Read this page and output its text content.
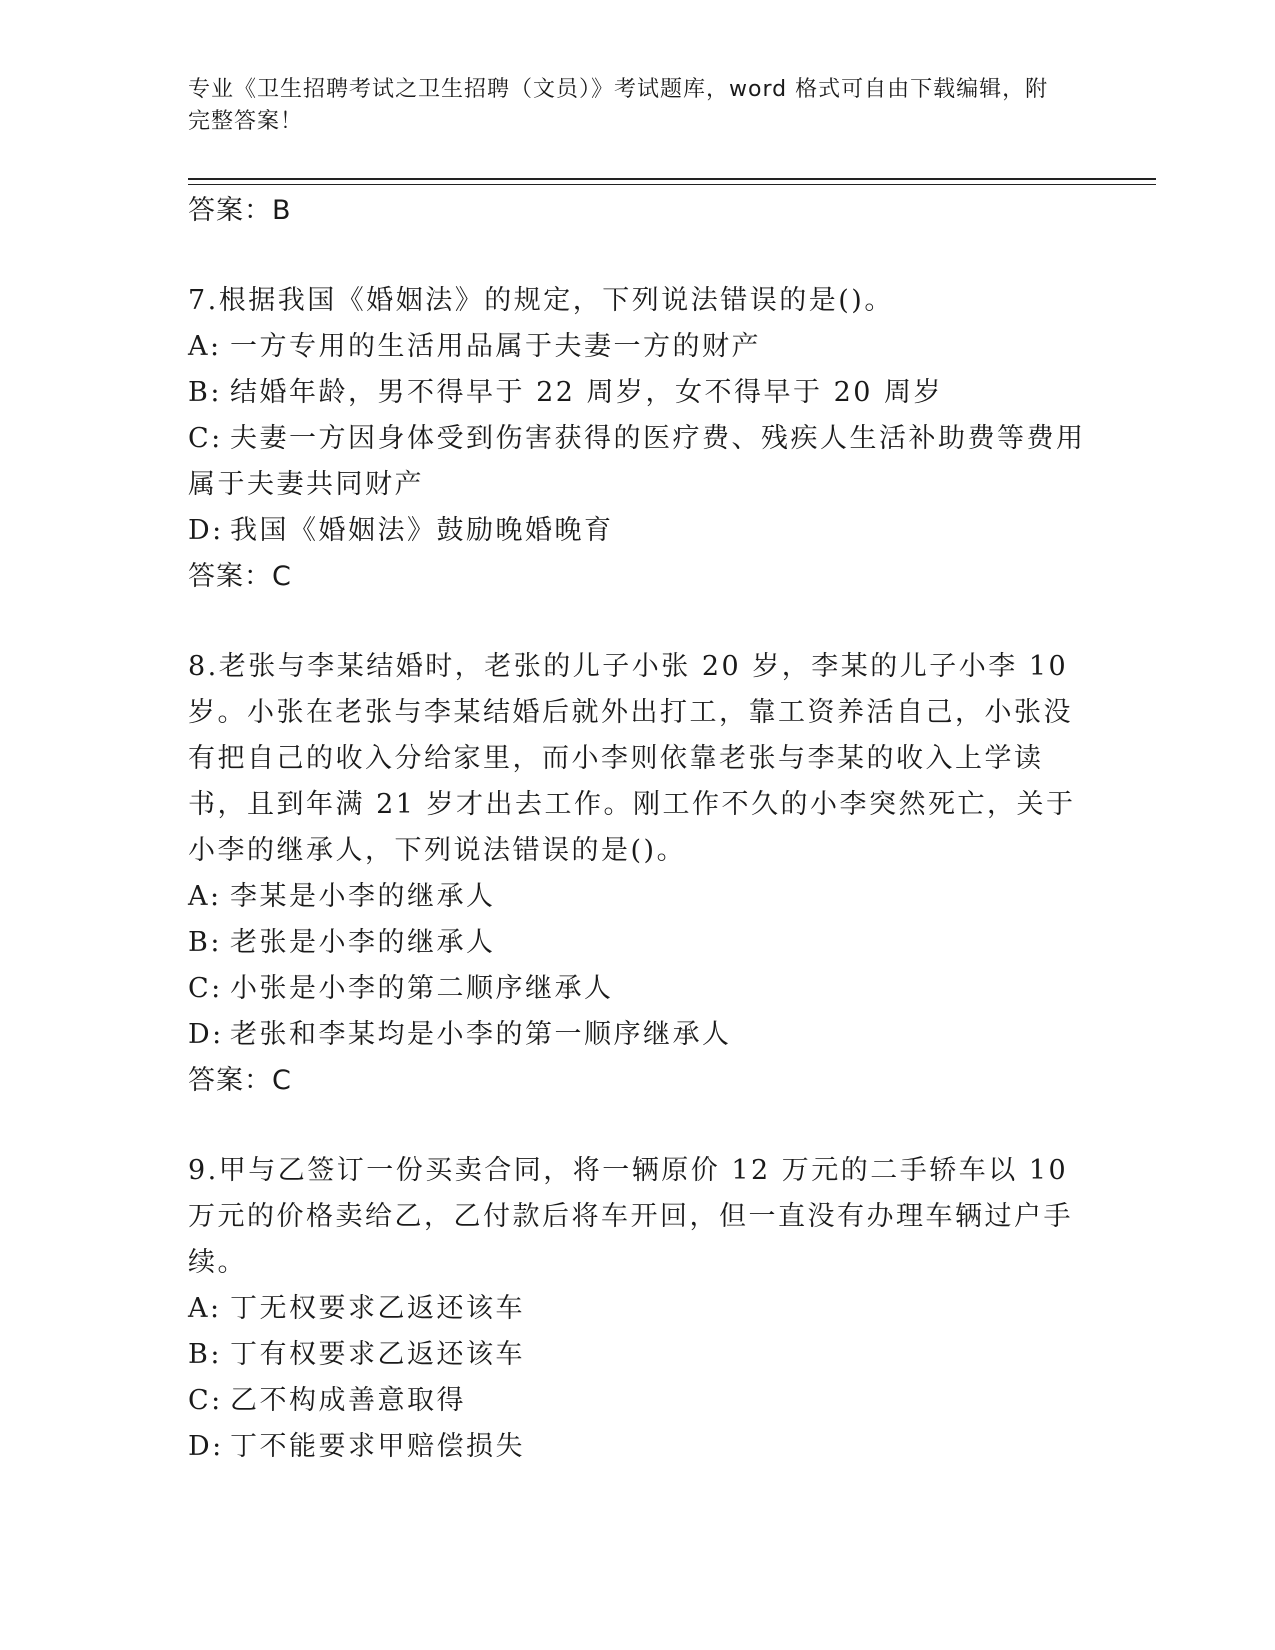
专业《卫生招聘考试之卫生招聘（文员）》考试题库，word 格式可自由下载编辑，附完整答案！

答案：B

7.根据我国《婚姻法》的规定，下列说法错误的是()。

A: 一方专用的生活用品属于夫妻一方的财产

B: 结婚年龄，男不得早于 22 周岁，女不得早于 20 周岁

C: 夫妻一方因身体受到伤害获得的医疗费、残疾人生活补助费等费用属于夫妻共同财产

D: 我国《婚姻法》鼓励晚婚晚育

答案：C

8.老张与李某结婚时，老张的儿子小张 20 岁，李某的儿子小李 10 岁。小张在老张与李某结婚后就外出打工，靠工资养活自己，小张没有把自己的收入分给家里，而小李则依靠老张与李某的收入上学读书，且到年满 21 岁才出去工作。刚工作不久的小李突然死亡，关于小李的继承人，下列说法错误的是()。

A: 李某是小李的继承人

B: 老张是小李的继承人

C: 小张是小李的第二顺序继承人

D: 老张和李某均是小李的第一顺序继承人

答案：C

9.甲与乙签订一份买卖合同，将一辆原价 12 万元的二手轿车以 10 万元的价格卖给乙，乙付款后将车开回，但一直没有办理车辆过户手续。

A: 丁无权要求乙返还该车

B: 丁有权要求乙返还该车

C: 乙不构成善意取得

D: 丁不能要求甲赔偿损失
